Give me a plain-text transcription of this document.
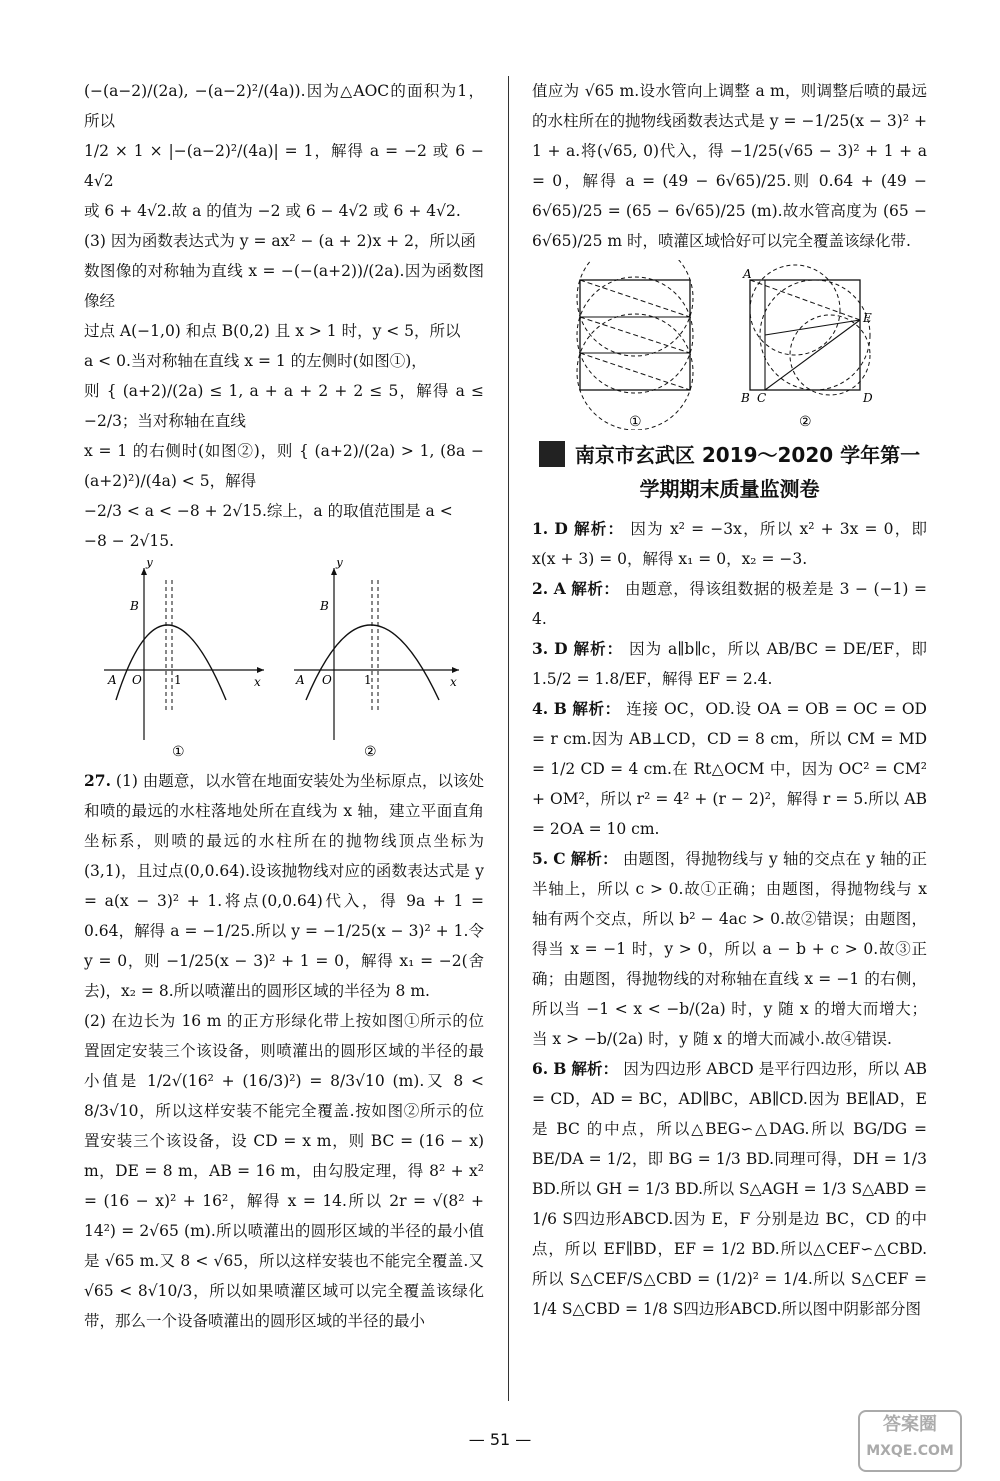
(−(a−2)/(2a), −(a−2)²/(4a)).因为△AOC的面积为1，所以

1/2 × 1 × |−(a−2)²/(4a)| = 1，解得 a = −2 或 6 − 4√2

或 6 + 4√2.故 a 的值为 −2 或 6 − 4√2 或 6 + 4√2.

(3) 因为函数表达式为 y = ax² − (a + 2)x + 2，所以函

数图像的对称轴为直线 x = −(−(a+2))/(2a).因为函数图像经

过点 A(−1,0) 和点 B(0,2) 且 x > 1 时，y < 5，所以

a < 0.当对称轴在直线 x = 1 的左侧时(如图①)，

则 { (a+2)/(2a) ≤ 1, a + a + 2 + 2 ≤ 5，解得 a ≤ −2/3；当对称轴在直线

x = 1 的右侧时(如图②)，则 { (a+2)/(2a) > 1, (8a − (a+2)²)/(4a) < 5，解得

−2/3 < a < −8 + 2√15.综上，a 的取值范围是 a <

−8 − 2√15.

y
x
O
A
B
1
①
y
x
O
A
B
1
②

27. (1) 由题意，以水管在地面安装处为坐标原点，以该处和喷的最远的水柱落地处所在直线为 x 轴，建立平面直角坐标系，则喷的最远的水柱所在的抛物线顶点坐标为(3,1)，且过点(0,0.64).设该抛物线对应的函数表达式是 y = a(x − 3)² + 1.将点(0,0.64)代入，得 9a + 1 = 0.64，解得 a = −1/25.所以 y = −1/25(x − 3)² + 1.令 y = 0，则 −1/25(x − 3)² + 1 = 0，解得 x₁ = −2(舍去)，x₂ = 8.所以喷灌出的圆形区域的半径为 8 m.

(2) 在边长为 16 m 的正方形绿化带上按如图①所示的位置固定安装三个该设备，则喷灌出的圆形区域的半径的最小值是 1/2√(16² + (16/3)²) = 8/3√10 (m).又 8 < 8/3√10，所以这样安装不能完全覆盖.按如图②所示的位置安装三个该设备，设 CD = x m，则 BC = (16 − x) m，DE = 8 m，AB = 16 m，由勾股定理，得 8² + x² = (16 − x)² + 16²，解得 x = 14.所以 2r = √(8² + 14²) = 2√65 (m).所以喷灌出的圆形区域的半径的最小值是 √65 m.又 8 < √65，所以这样安装也不能完全覆盖.又 √65 < 8√10/3，所以如果喷灌区域可以完全覆盖该绿化带，那么一个设备喷灌出的圆形区域的半径的最小

值应为 √65 m.设水管向上调整 a m，则调整后喷的最远的水柱所在的抛物线函数表达式是 y = −1/25(x − 3)² + 1 + a.将(√65, 0)代入，得 −1/25(√65 − 3)² + 1 + a = 0，解得 a = (49 − 6√65)/25.则 0.64 + (49 − 6√65)/25 = (65 − 6√65)/25 (m).故水管高度为 (65 − 6√65)/25 m 时，喷灌区域恰好可以完全覆盖该绿化带.

①
A
B C	D
E
②
南京市玄武区 2019～2020 学年第一
学期期末质量监测卷

1. D 解析： 因为 x² = −3x，所以 x² + 3x = 0，即 x(x + 3) = 0，解得 x₁ = 0，x₂ = −3.

2. A 解析： 由题意，得该组数据的极差是 3 − (−1) = 4.

3. D 解析： 因为 a∥b∥c，所以 AB/BC = DE/EF，即 1.5/2 = 1.8/EF，解得 EF = 2.4.

4. B 解析： 连接 OC，OD.设 OA = OB = OC = OD = r cm.因为 AB⊥CD，CD = 8 cm，所以 CM = MD = 1/2 CD = 4 cm.在 Rt△OCM 中，因为 OC² = CM² + OM²，所以 r² = 4² + (r − 2)²，解得 r = 5.所以 AB = 2OA = 10 cm.

5. C 解析： 由题图，得抛物线与 y 轴的交点在 y 轴的正半轴上，所以 c > 0.故①正确；由题图，得抛物线与 x 轴有两个交点，所以 b² − 4ac > 0.故②错误；由题图，得当 x = −1 时，y > 0，所以 a − b + c > 0.故③正确；由题图，得抛物线的对称轴在直线 x = −1 的右侧，所以当 −1 < x < −b/(2a) 时，y 随 x 的增大而增大；当 x > −b/(2a) 时，y 随 x 的增大而减小.故④错误.

6. B 解析： 因为四边形 ABCD 是平行四边形，所以 AB = CD，AD = BC，AD∥BC，AB∥CD.因为 BE∥AD，E 是 BC 的中点，所以△BEG∽△DAG.所以 BG/DG = BE/DA = 1/2，即 BG = 1/3 BD.同理可得，DH = 1/3 BD.所以 GH = 1/3 BD.所以 S△AGH = 1/3 S△ABD = 1/6 S四边形ABCD.因为 E，F 分别是边 BC，CD 的中点，所以 EF∥BD，EF = 1/2 BD.所以△CEF∽△CBD.所以 S△CEF/S△CBD = (1/2)² = 1/4.所以 S△CEF = 1/4 S△CBD = 1/8 S四边形ABCD.所以图中阴影部分图

— 51 —
答案圈
MXQE.COM
